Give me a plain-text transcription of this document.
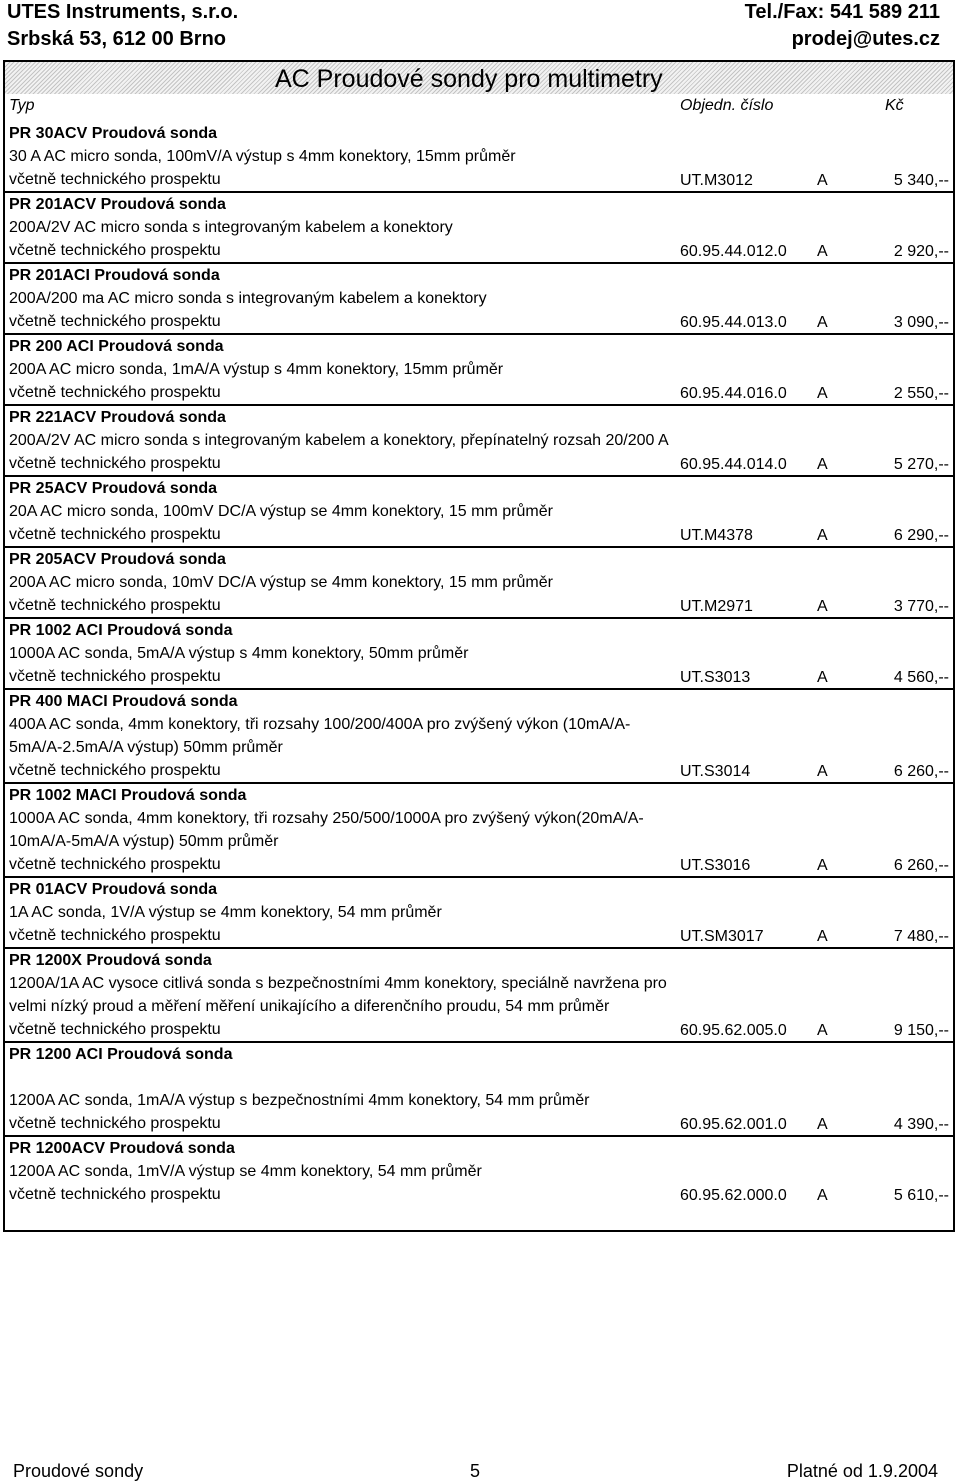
UTES Instruments, s.r.o.
Srbská 53, 612 00 Brno
Tel./Fax: 541 589 211
prodej@utes.cz
AC Proudové sondy pro multimetry
Typ	Objedn. číslo	Kč
PR 30ACV Proudová sonda
30 A AC micro sonda, 100mV/A výstup s 4mm konektory, 15mm průměr
včetně technického prospektu	UT.M3012	A	5 340,--
PR 201ACV Proudová sonda
200A/2V AC micro sonda s integrovaným kabelem a konektory
včetně technického prospektu	60.95.44.012.0 A	2 920,--
PR 201ACI Proudová sonda
200A/200 ma AC micro sonda s integrovaným kabelem a konektory
včetně technického prospektu	60.95.44.013.0 A	3 090,--
PR 200 ACI Proudová sonda
200A AC micro sonda, 1mA/A výstup s 4mm konektory, 15mm průměr
včetně technického prospektu	60.95.44.016.0 A	2 550,--
PR 221ACV Proudová sonda
200A/2V AC micro sonda s integrovaným kabelem a konektory, přepínatelný rozsah 20/200 A
včetně technického prospektu	60.95.44.014.0 A	5 270,--
PR 25ACV Proudová sonda
20A AC micro sonda, 100mV DC/A výstup se 4mm konektory, 15 mm průměr
včetně technického prospektu	UT.M4378	A	6 290,--
PR 205ACV Proudová sonda
200A AC micro sonda, 10mV DC/A výstup se 4mm konektory, 15 mm průměr
včetně technického prospektu	UT.M2971	A	3 770,--
PR 1002 ACI Proudová sonda
1000A AC sonda, 5mA/A výstup s 4mm konektory, 50mm průměr
včetně technického prospektu	UT.S3013	A	4 560,--
PR 400 MACI Proudová sonda
400A AC sonda, 4mm konektory, tři rozsahy 100/200/400A pro zvýšený výkon (10mA/A-5mA/A-2.5mA/A výstup) 50mm průměr
včetně technického prospektu	UT.S3014	A	6 260,--
PR 1002 MACI Proudová sonda
1000A AC sonda, 4mm konektory, tři rozsahy 250/500/1000A pro zvýšený výkon(20mA/A-10mA/A-5mA/A výstup) 50mm průměr
včetně technického prospektu	UT.S3016	A	6 260,--
PR 01ACV Proudová sonda
1A AC sonda, 1V/A výstup se 4mm konektory, 54 mm průměr
včetně technického prospektu	UT.SM3017	A	7 480,--
PR 1200X Proudová sonda
1200A/1A AC vysoce citlivá sonda s bezpečnostními 4mm konektory, speciálně navržena pro velmi nízký proud a měření měření unikajícího a diferenčního proudu, 54 mm průměr
včetně technického prospektu	60.95.62.005.0 A	9 150,--
PR 1200 ACI Proudová sonda
1200A AC sonda, 1mA/A výstup s bezpečnostními 4mm konektory, 54 mm průměr
včetně technického prospektu	60.95.62.001.0 A	4 390,--
PR 1200ACV Proudová sonda
1200A AC sonda, 1mV/A výstup se 4mm konektory, 54 mm průměr
včetně technického prospektu	60.95.62.000.0 A	5 610,--
Proudové sondy	5	Platné od 1.9.2004
